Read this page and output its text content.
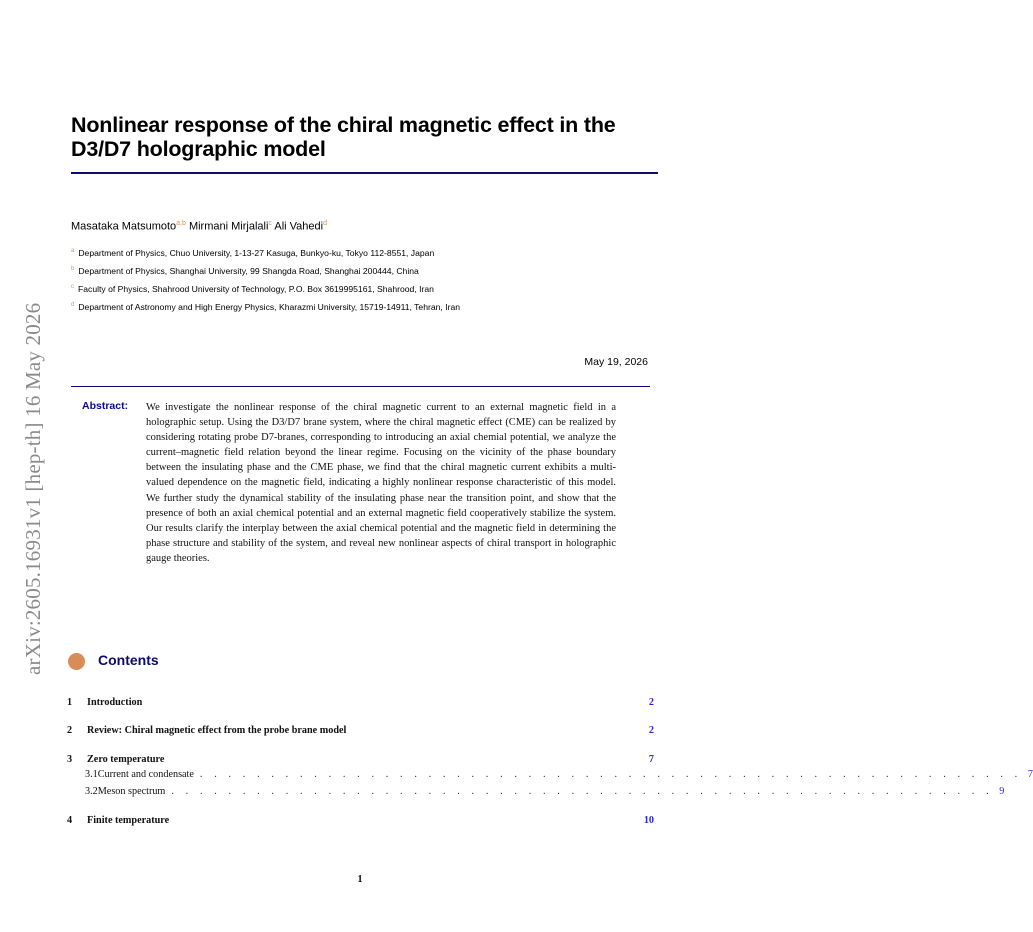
arXiv:2605.16931v1 [hep-th] 16 May 2026
Nonlinear response of the chiral magnetic effect in the D3/D7 holographic model
Masataka Matsumoto$^{a,b}$ Mirmani Mirjalali$^c$ Ali Vahedi$^d$
$^a$ Department of Physics, Chuo University, 1-13-27 Kasuga, Bunkyo-ku, Tokyo 112-8551, Japan
$^b$ Department of Physics, Shanghai University, 99 Shangda Road, Shanghai 200444, China
$^c$ Faculty of Physics, Shahrood University of Technology, P.O. Box 3619995161, Shahrood, Iran
$^d$ Department of Astronomy and High Energy Physics, Kharazmi University, 15719-14911, Tehran, Iran
May 19, 2026
Abstract: We investigate the nonlinear response of the chiral magnetic current to an external magnetic field in a holographic setup. Using the D3/D7 brane system, where the chiral magnetic effect (CME) can be realized by considering rotating probe D7-branes, corresponding to introducing an axial chemial potential, we analyze the current–magnetic field relation beyond the linear regime. Focusing on the vicinity of the phase boundary between the insulating phase and the CME phase, we find that the chiral magnetic current exhibits a multi-valued dependence on the magnetic field, indicating a highly nonlinear response characteristic of this model. We further study the dynamical stability of the insulating phase near the transition point, and show that the presence of both an axial chemical potential and an external magnetic field cooperatively stabilize the system. Our results clarify the interplay between the axial chemical potential and the magnetic field in determining the phase structure and stability of the system, and reveal new nonlinear aspects of chiral transport in holographic gauge theories.
Contents
1	Introduction	2
2	Review: Chiral magnetic effect from the probe brane model	2
3	Zero temperature	7
3.1 Current and condensate . . . . . . . . . . . . . . . . . . . . . . . . . . . . . . . . . . . . . . . . . . . . . . . . . . . . . . . . . . 7
3.2 Meson spectrum . . . . . . . . . . . . . . . . . . . . . . . . . . . . . . . . . . . . . . . . . . . . . . . . . . . . . . . . . . 9
4	Finite temperature	10
1
